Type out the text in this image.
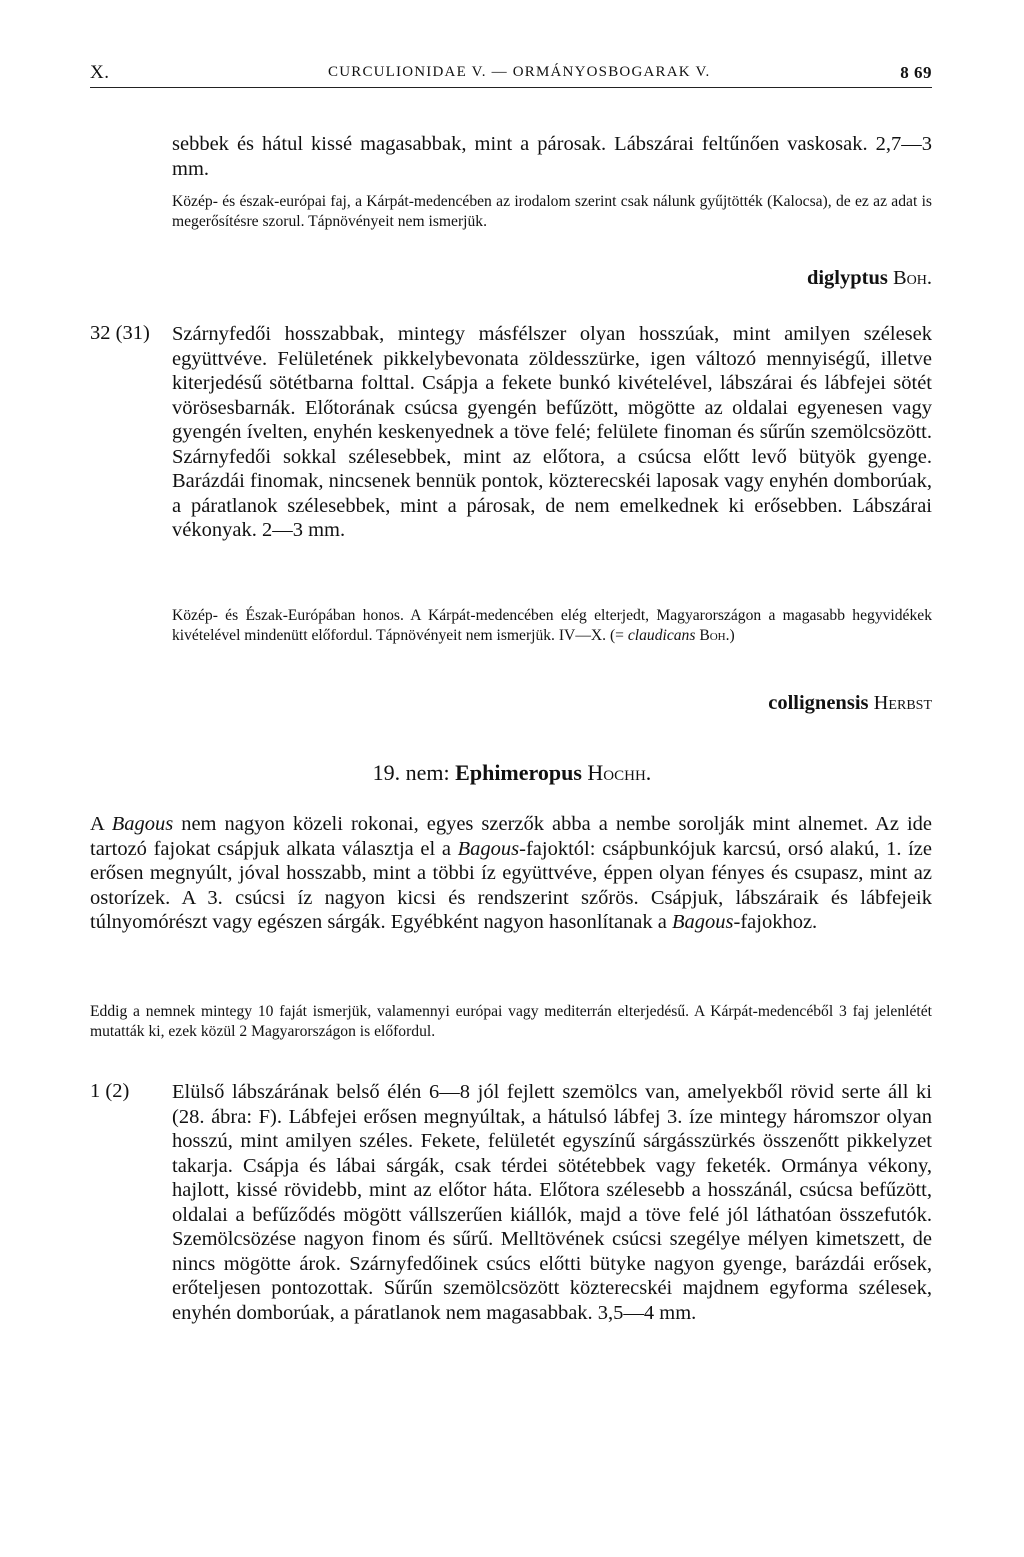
X.	CURCULIONIDAE V. — ORMÁNYOSBOGARAK V.	8 69

sebbek és hátul kissé magasabbak, mint a párosak. Lábszárai feltűnően vaskosak. 2,7—3 mm.

Közép- és észak-európai faj, a Kárpát-medencében az irodalom szerint csak nálunk gyűjtötték (Kalocsa), de ez az adat is megerősítésre szorul. Tápnövényeit nem ismerjük.

diglyptus Boh.

32 (31) Szárnyfedői hosszabbak, mintegy másfélszer olyan hosszúak, mint amilyen szélesek együttvéve. Felületének pikkelybevonata zöldesszürke, igen változó mennyiségű, illetve kiterjedésű sötétbarna folttal. Csápja a fekete bunkó kivételével, lábszárai és lábfejei sötét vörösesbarnák. Előtorának csúcsa gyengén befűzött, mögötte az oldalai egyenesen vagy gyengén ívelten, enyhén keskenyednek a töve felé; felülete finoman és sűrűn szemölcsözött. Szárnyfedői sokkal szélesebbek, mint az előtora, a csúcsa előtt levő bütyök gyenge. Barázdái finomak, nincsenek bennük pontok, közterecskéi laposak vagy enyhén domborúak, a páratlanok szélesebbek, mint a párosak, de nem emelkednek ki erősebben. Lábszárai vékonyak. 2—3 mm.

Közép- és Észak-Európában honos. A Kárpát-medencében elég elterjedt, Magyarországon a magasabb hegyvidékek kivételével mindenütt előfordul. Tápnövényeit nem ismerjük. IV—X. (= claudicans Boh.)

collignensis Herbst

19. nem: Ephimeropus Hochh.

A Bagous nem nagyon közeli rokonai, egyes szerzők abba a nembe sorolják mint alnemet. Az ide tartozó fajokat csápjuk alkata választja el a Bagous-fajoktól: csápbunkójuk karcsú, orsó alakú, 1. íze erősen megnyúlt, jóval hosszabb, mint a többi íz együttvéve, éppen olyan fényes és csupasz, mint az ostorízek. A 3. csúcsi íz nagyon kicsi és rendszerint szőrös. Csápjuk, lábszáraik és lábfejeik túlnyomórészt vagy egészen sárgák. Egyébként nagyon hasonlítanak a Bagous-fajokhoz.

Eddig a nemnek mintegy 10 faját ismerjük, valamennyi európai vagy mediterrán elterjedésű. A Kárpát-medencéből 3 faj jelenlétét mutatták ki, ezek közül 2 Magyarországon is előfordul.

1 (2) Elülső lábszárának belső élén 6—8 jól fejlett szemölcs van, amelyekből rövid serte áll ki (28. ábra: F). Lábfejei erősen megnyúltak, a hátulsó lábfej 3. íze mintegy háromszor olyan hosszú, mint amilyen széles. Fekete, felületét egyszínű sárgásszürkés összenőtt pikkelyzet takarja. Csápja és lábai sárgák, csak térdei sötétebbek vagy feketék. Ormánya vékony, hajlott, kissé rövidebb, mint az előtor háta. Előtora szélesebb a hosszánál, csúcsa befűzött, oldalai a befűződés mögött vállszerűen kiállók, majd a töve felé jól láthatóan összefutók. Szemölcsözése nagyon finom és sűrű. Melltövének csúcsi szegélye mélyen kimetszett, de nincs mögötte árok. Szárnyfedőinek csúcs előtti bütyke nagyon gyenge, barázdái erősek, erőteljesen pontozottak. Sűrűn szemölcsözött közterecskéi majdnem egyforma szélesek, enyhén domborúak, a páratlanok nem magasabbak. 3,5—4 mm.
